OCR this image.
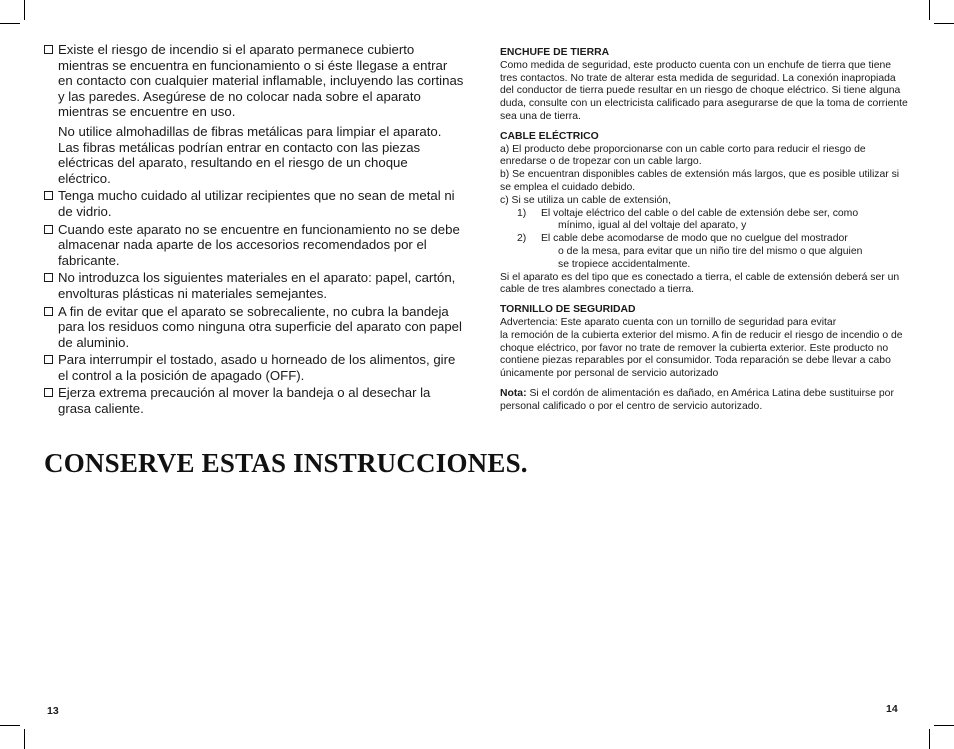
Existe el riesgo de incendio si el aparato permanece cubierto mientras se encuentra en funcionamiento o si éste llegase a entrar en contacto con cualquier material inflamable, incluyendo las cortinas y las paredes. Asegúrese de no colocar nada sobre el aparato mientras se encuentre en uso.

No utilice almohadillas de fibras metálicas para limpiar el aparato. Las fibras metálicas podrían entrar en contacto con las piezas eléctricas del aparato, resultando en el riesgo de un choque eléctrico.

Tenga mucho cuidado al utilizar recipientes que no sean de metal ni de vidrio.

Cuando este aparato no se encuentre en funcionamiento no se debe almacenar nada aparte de los accesorios recomendados por el fabricante.

No introduzca los siguientes materiales en el aparato: papel, cartón, envolturas plásticas ni materiales semejantes.

A fin de evitar que el aparato se sobrecaliente, no cubra la bandeja para los residuos como ninguna otra superficie del aparato con papel de aluminio.

Para interrumpir el tostado, asado u horneado de los alimentos, gire el control a la posición de apagado (OFF).

Ejerza extrema precaución al mover la bandeja o al desechar la grasa caliente.

CONSERVE ESTAS INSTRUCCIONES.
13

ENCHUFE DE TIERRA

Como medida de seguridad, este producto cuenta con un enchufe de tierra que tiene tres contactos. No trate de alterar esta medida de seguridad. La conexión inapropiada del conductor de tierra puede resultar en un riesgo de choque eléctrico. Si tiene alguna duda, consulte con un electricista calificado para asegurarse de que la toma de corriente sea una de tierra.

CABLE ELÉCTRICO

a) El producto debe proporcionarse con un cable corto para reducir el riesgo de enredarse o de tropezar con un cable largo.

b) Se encuentran disponibles cables de extensión más largos, que es posible utilizar si se emplea el cuidado debido.

c) Si se utiliza un cable de extensión,

1) El voltaje eléctrico del cable o del cable de extensión debe ser, como
mínimo, igual al del voltaje del aparato, y
2) El cable debe acomodarse de modo que no cuelgue del mostrador
o de la mesa, para evitar que un niño tire del mismo o que alguien
se tropiece accidentalmente.

Si el aparato es del tipo que es conectado a tierra, el cable de extensión deberá ser un cable de tres alambres conectado a tierra.

TORNILLO DE SEGURIDAD

Advertencia: Este aparato cuenta con un tornillo de seguridad para evitar

la remoción de la cubierta exterior del mismo. A fin de reducir el riesgo de incendio o de choque eléctrico, por favor no trate de remover la cubierta exterior. Este producto no contiene piezas reparables por el consumidor. Toda reparación se debe llevar a cabo únicamente por personal de servicio autorizado

Nota: Si el cordón de alimentación es dañado, en América Latina debe sustituirse por personal calificado o por el centro de servicio autorizado.

14
